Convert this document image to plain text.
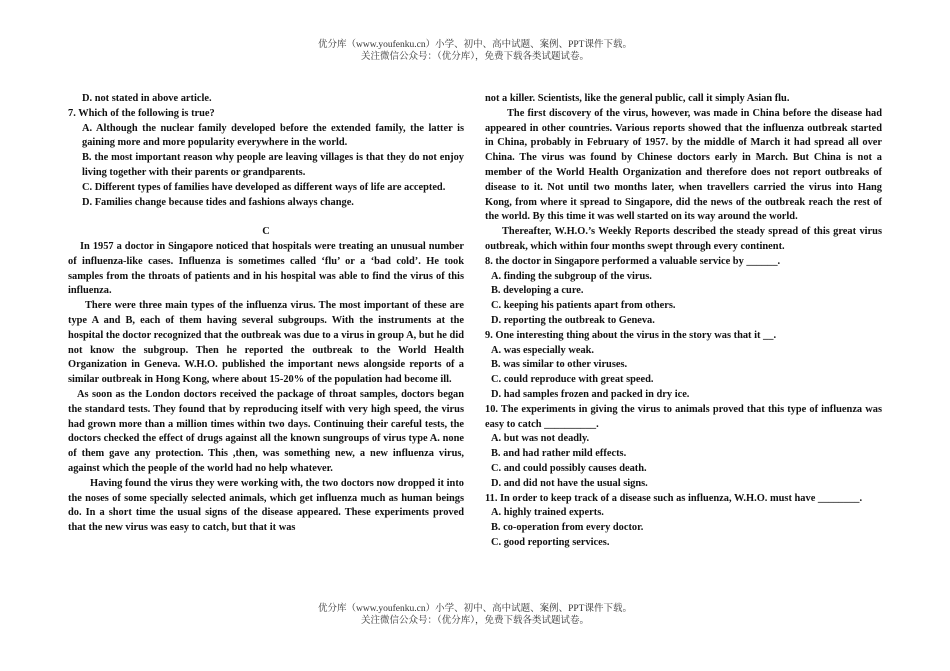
优分库（www.youfenku.cn）小学、初中、高中试题、案例、PPT课件下载。
关注微信公众号：（优分库），免费下载各类试题试卷。

D. not stated in above article.

7. Which of the following is true?

A. Although the nuclear family developed before the extended family, the latter is gaining more and more popularity everywhere in the world.

B. the most important reason why people are leaving villages is that they do not enjoy living together with their parents or grandparents.

C. Different types of families have developed as different ways of life are accepted.

D. Families change because tides and fashions always change.

C

In 1957 a doctor in Singapore noticed that hospitals were treating an unusual number of influenza-like cases. Influenza is sometimes called ‘flu’ or a ‘bad cold’. He took samples from the throats of patients and in his hospital was able to find the virus of this influenza.

There were three main types of the influenza virus. The most important of these are type A and B, each of them having several subgroups. With the instruments at the hospital the doctor recognized that the outbreak was due to a virus in group A, but he did not know the subgroup. Then he reported the outbreak to the World Health Organization in Geneva. W.H.O. published the important news alongside reports of a similar outbreak in Hong Kong, where about 15-20% of the population had become ill.

As soon as the London doctors received the package of throat samples, doctors began the standard tests. They found that by reproducing itself with very high speed, the virus had grown more than a million times within two days. Continuing their careful tests, the doctors checked the effect of drugs against all the known sungroups of virus type A. none of them gave any protection. This ,then, was something new, a new influenza virus, against which the people of the world had no help whatever.

Having found the virus they were working with, the two doctors now dropped it into the noses of some specially selected animals, which get influenza much as human beings do. In a short time the usual signs of the disease appeared. These experiments proved that the new virus was easy to catch, but that it was

not a killer. Scientists, like the general public, call it simply Asian flu.

The first discovery of the virus, however, was made in China before the disease had appeared in other countries. Various reports showed that the influenza outbreak started in China, probably in February of 1957. by the middle of March it had spread all over China. The virus was found by Chinese doctors early in March. But China is not a member of the World Health Organization and therefore does not report outbreaks of disease to it. Not until two months later, when travellers carried the virus into Hang Kong, from where it spread to Singapore, did the news of the outbreak reach the rest of the world. By this time it was well started on its way around the world.

Thereafter, W.H.O.’s Weekly Reports described the steady spread of this great virus outbreak, which within four months swept through every continent.

8. the doctor in Singapore performed a valuable service by ______.

A. finding the subgroup of the virus.

B. developing a cure.

C. keeping his patients apart from others.

D. reporting the outbreak to Geneva.

9. One interesting thing about the virus in the story was that it __.

A. was especially weak.

B. was similar to other viruses.

C. could reproduce with great speed.

D. had samples frozen and packed in dry ice.

10. The experiments in giving the virus to animals proved that this type of influenza was easy to catch __________.

A. but was not deadly.

B. and had rather mild effects.

C. and could possibly causes death.

D. and did not have the usual signs.

11. In order to keep track of a disease such as influenza, W.H.O. must have ________.

A. highly trained experts.

B. co-operation from every doctor.

C. good reporting services.

优分库（www.youfenku.cn）小学、初中、高中试题、案例、PPT课件下载。
关注微信公众号：（优分库），免费下载各类试题试卷。
